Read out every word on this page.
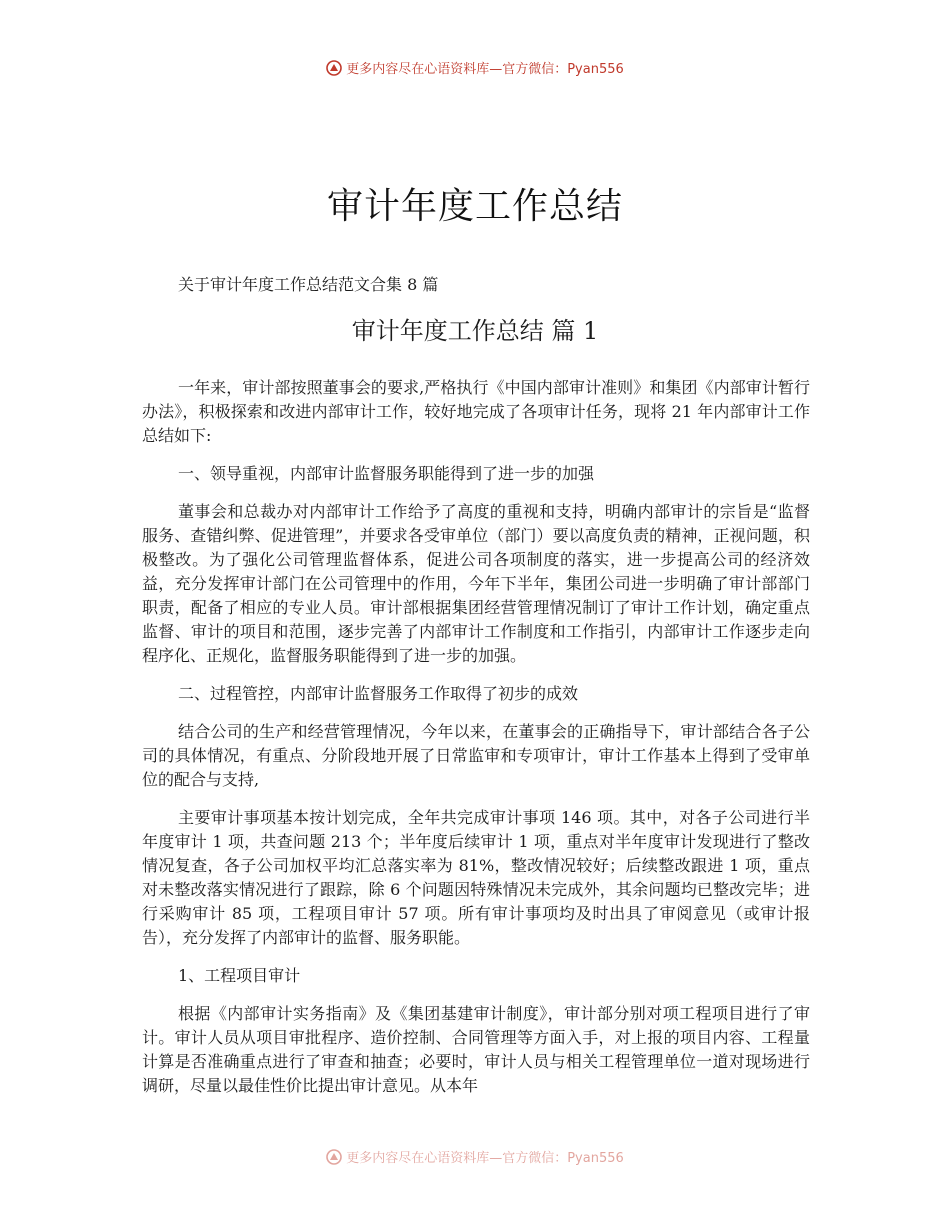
更多内容尽在心语资料库—官方微信：Pyan556
审计年度工作总结
关于审计年度工作总结范文合集 8 篇
审计年度工作总结 篇 1

一年来，审计部按照董事会的要求,严格执行《中国内部审计准则》和集团《内部审计暂行办法》，积极探索和改进内部审计工作，较好地完成了各项审计任务，现将 21 年内部审计工作总结如下:

一、领导重视，内部审计监督服务职能得到了进一步的加强

董事会和总裁办对内部审计工作给予了高度的重视和支持，明确内部审计的宗旨是“监督服务、查错纠弊、促进管理”，并要求各受审单位（部门）要以高度负责的精神，正视问题，积极整改。为了强化公司管理监督体系，促进公司各项制度的落实，进一步提高公司的经济效益，充分发挥审计部门在公司管理中的作用，今年下半年，集团公司进一步明确了审计部部门职责，配备了相应的专业人员。审计部根据集团经营管理情况制订了审计工作计划，确定重点监督、审计的项目和范围，逐步完善了内部审计工作制度和工作指引，内部审计工作逐步走向程序化、正规化，监督服务职能得到了进一步的加强。

二、过程管控，内部审计监督服务工作取得了初步的成效

结合公司的生产和经营管理情况，今年以来，在董事会的正确指导下，审计部结合各子公司的具体情况，有重点、分阶段地开展了日常监审和专项审计，审计工作基本上得到了受审单位的配合与支持,

主要审计事项基本按计划完成，全年共完成审计事项 146 项。其中，对各子公司进行半年度审计 1 项，共查问题 213 个；半年度后续审计 1 项，重点对半年度审计发现进行了整改情况复查，各子公司加权平均汇总落实率为 81%，整改情况较好；后续整改跟进 1 项，重点对未整改落实情况进行了跟踪，除 6 个问题因特殊情况未完成外，其余问题均已整改完毕；进行采购审计 85 项，工程项目审计 57 项。所有审计事项均及时出具了审阅意见（或审计报告），充分发挥了内部审计的监督、服务职能。

1、工程项目审计

根据《内部审计实务指南》及《集团基建审计制度》，审计部分别对项工程项目进行了审计。审计人员从项目审批程序、造价控制、合同管理等方面入手，对上报的项目内容、工程量计算是否准确重点进行了审查和抽查；必要时，审计人员与相关工程管理单位一道对现场进行调研，尽量以最佳性价比提出审计意见。从本年

更多内容尽在心语资料库—官方微信：Pyan556
